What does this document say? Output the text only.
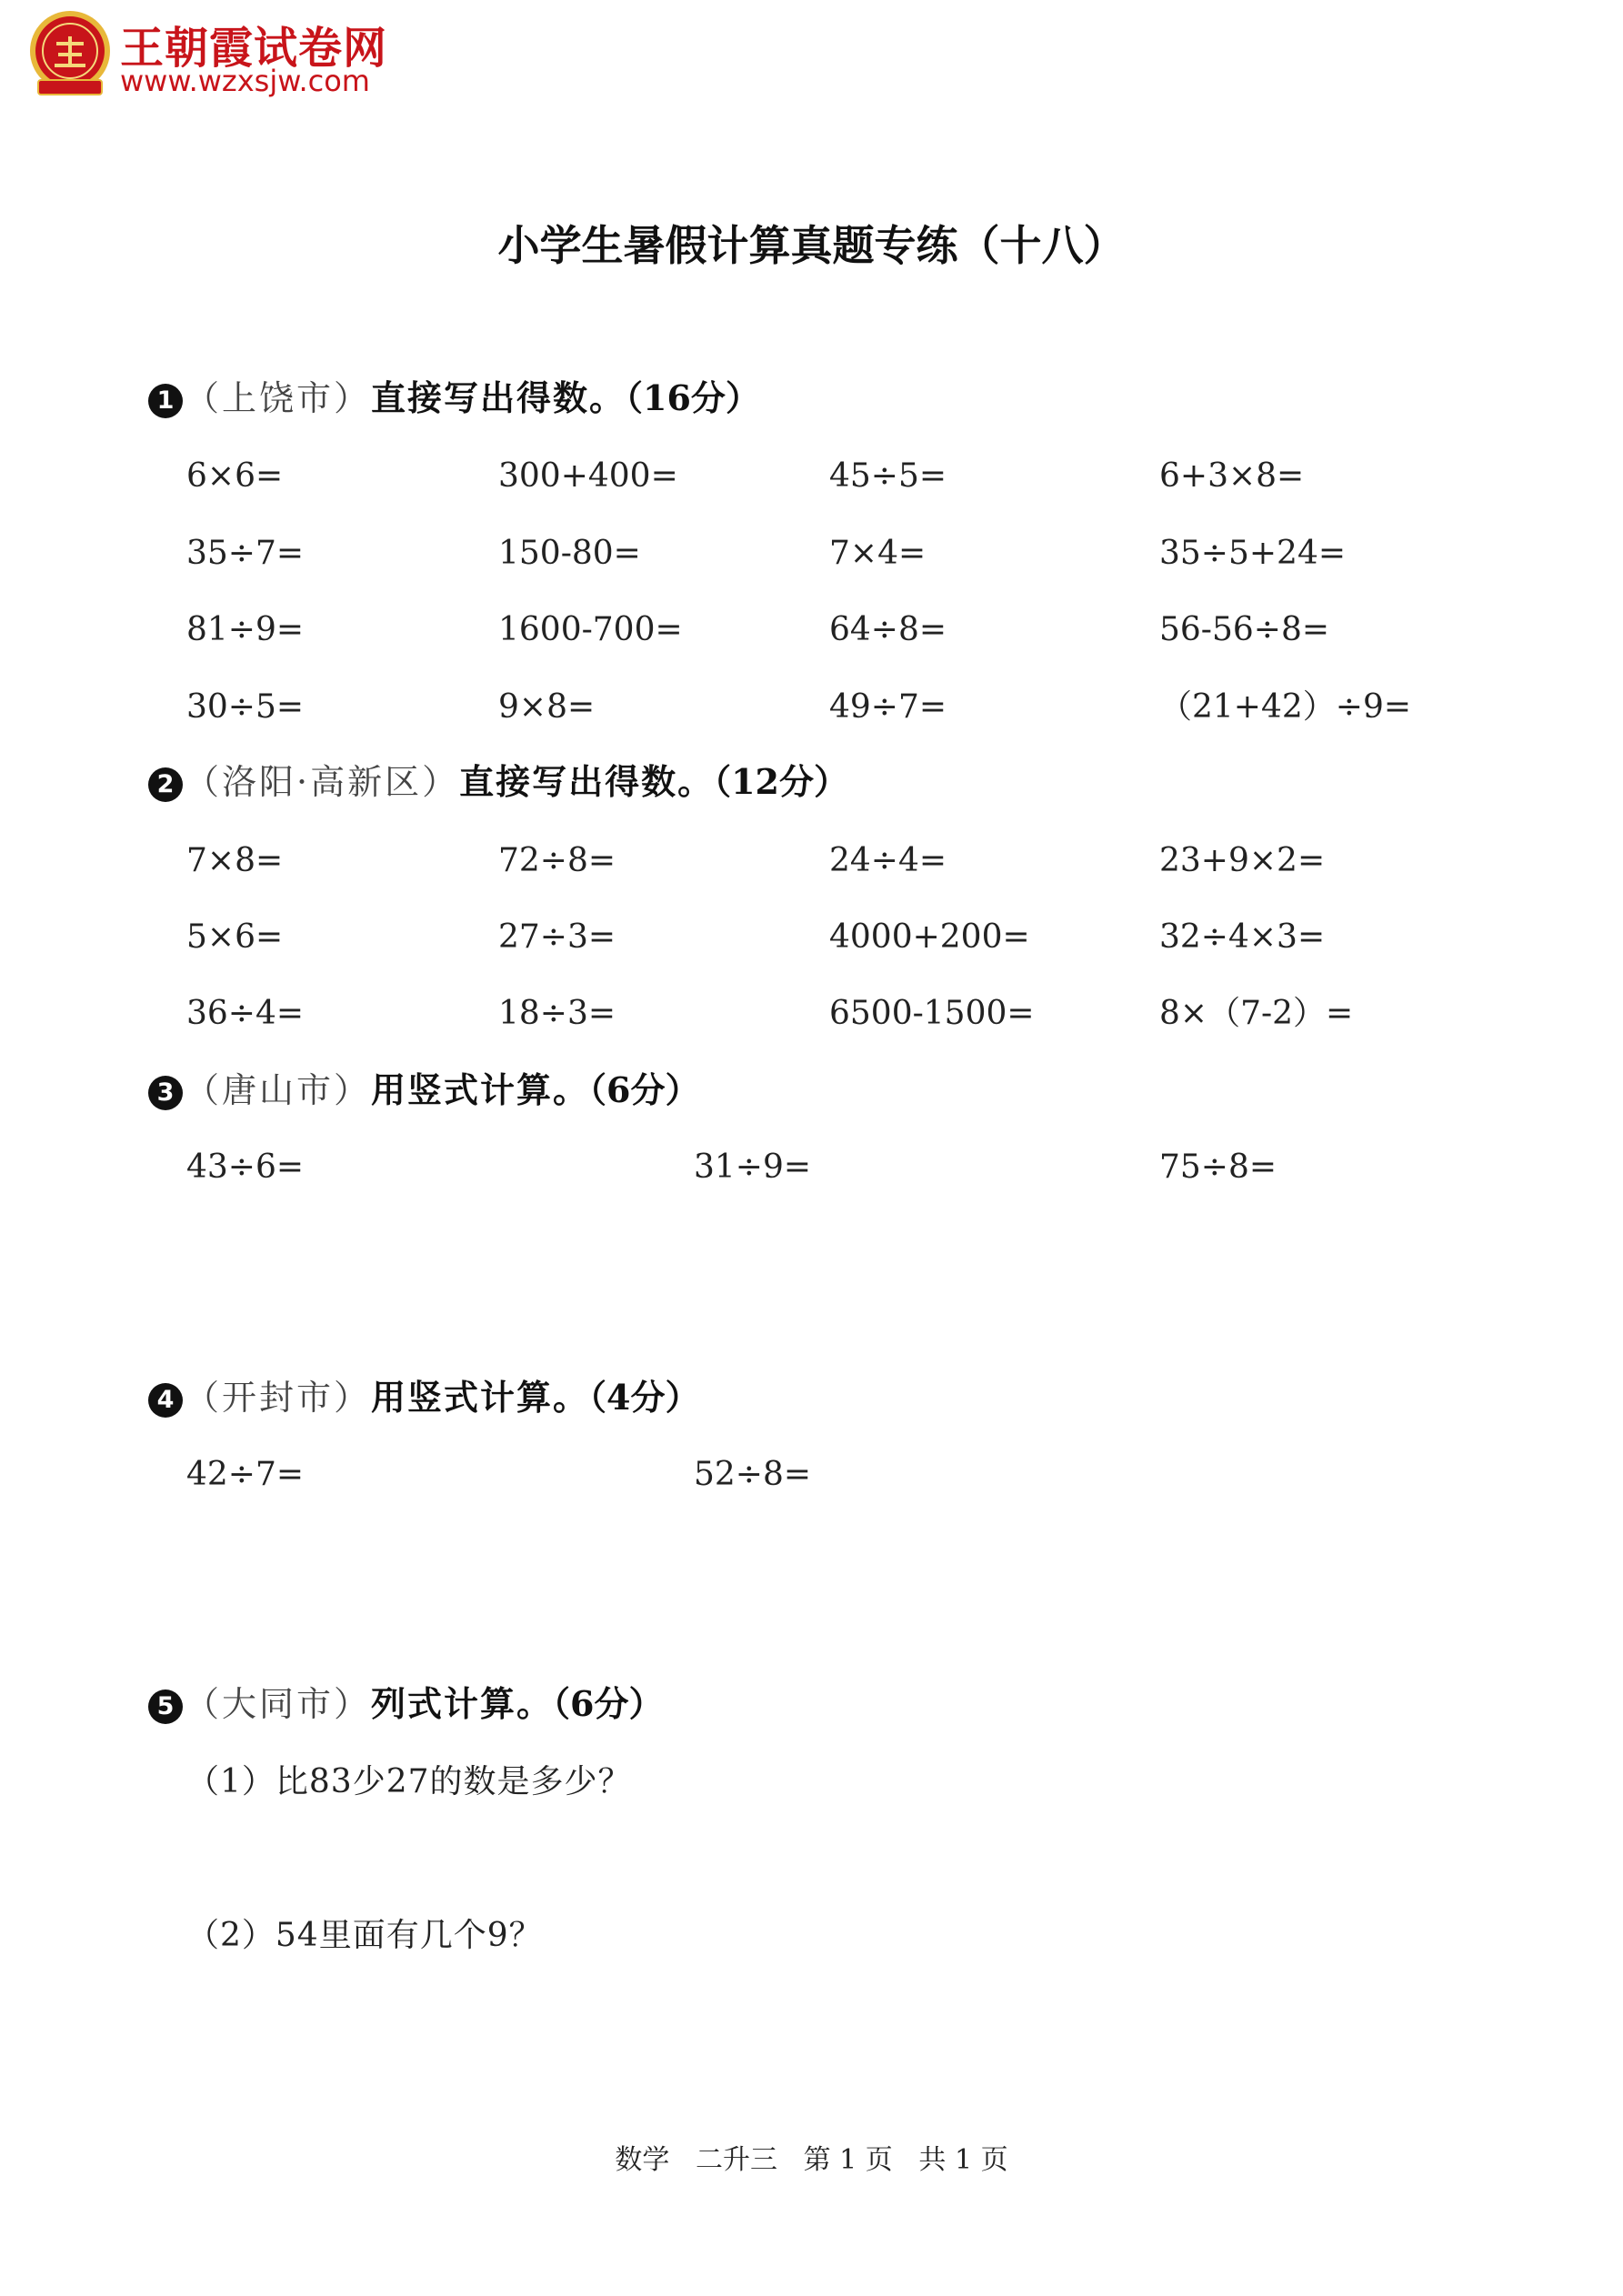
王朝霞试卷网
www.wzxsjw.com
小学生暑假计算真题专练（十八）
1 （上饶市）直接写出得数。（16分）
6×6=	300+400=	45÷5=	6+3×8=
35÷7=	150-80=	7×4=	35÷5+24=
81÷9=	1600-700=	64÷8=	56-56÷8=
30÷5=	9×8=	49÷7=	（21+42）÷9=
2 （洛阳·高新区）直接写出得数。（12分）
7×8=	72÷8=	24÷4=	23+9×2=
5×6=	27÷3=	4000+200=	32÷4×3=
36÷4=	18÷3=	6500-1500=	8×（7-2）=
3 （唐山市）用竖式计算。（6分）
43÷6=	31÷9=	75÷8=
4 （开封市）用竖式计算。（4分）
42÷7=	52÷8=
5 （大同市）列式计算。（6分）
（1）比83少27的数是多少？
（2）54里面有几个9？
数学   二升三   第 1 页   共 1 页
